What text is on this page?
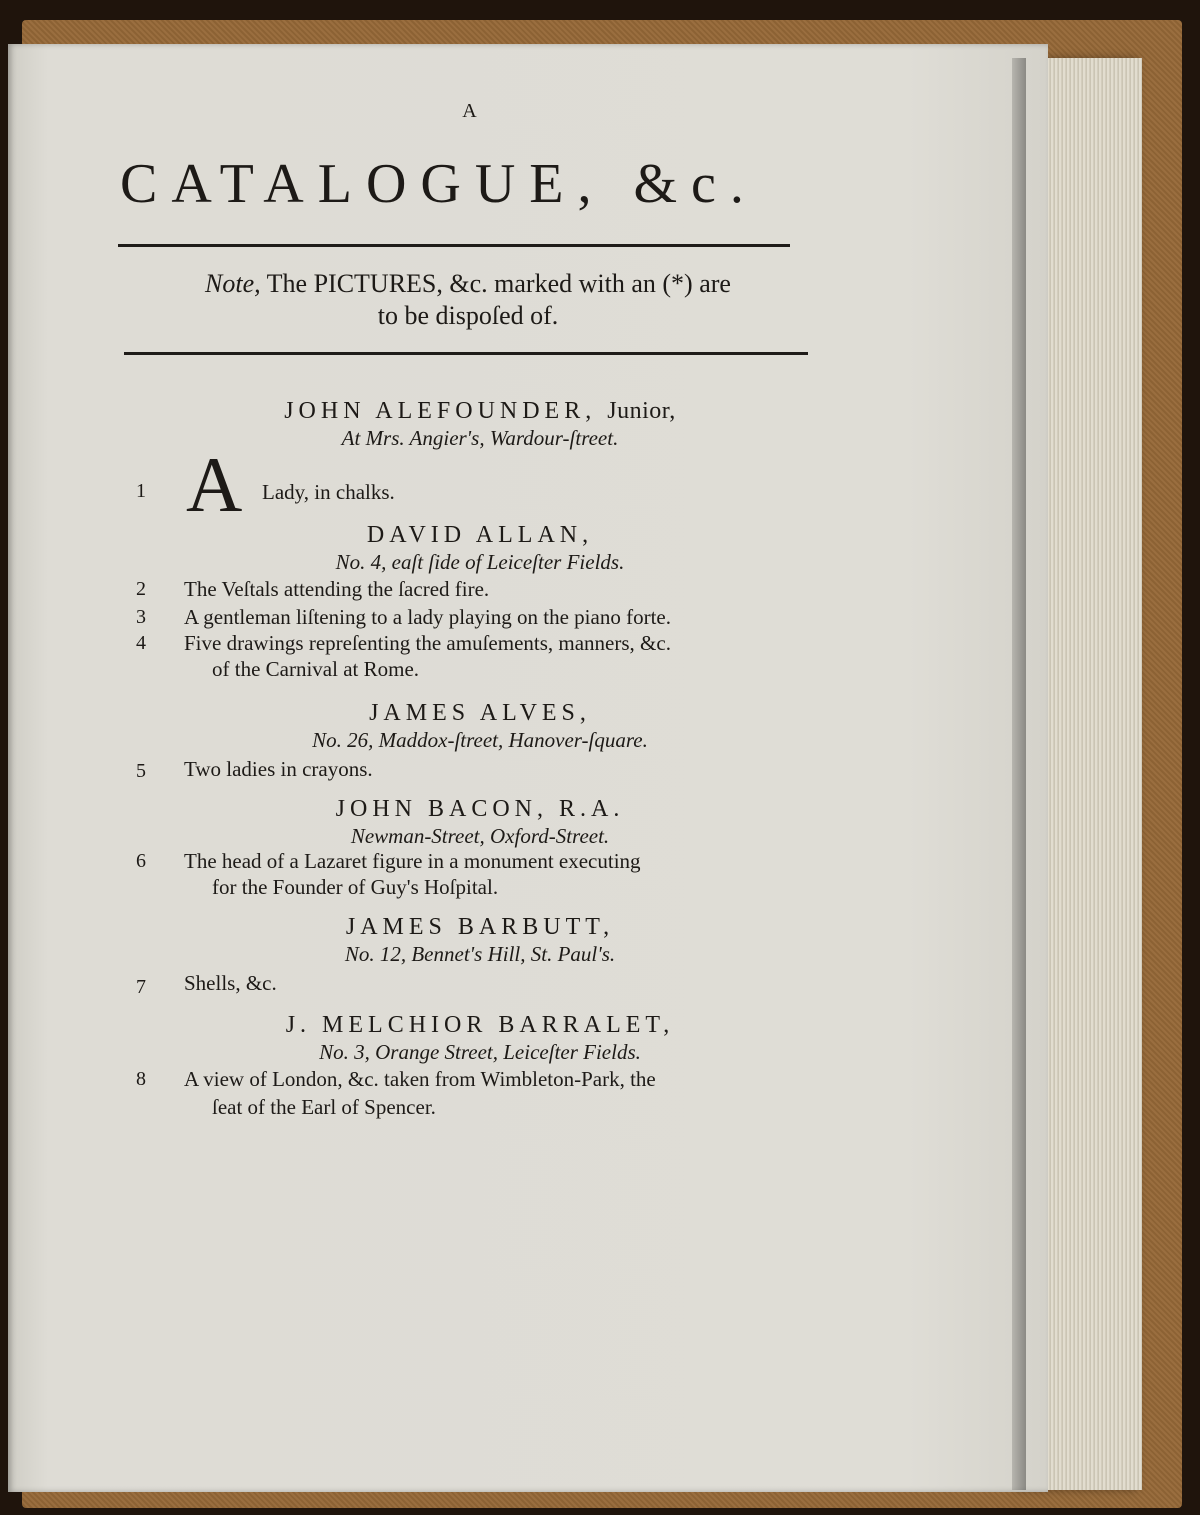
A
CATALOGUE, &c.
Note, The PICTURES, &c. marked with an (*) are
to be dispoſed of.
JOHN ALEFOUNDER, Junior,
At Mrs. Angier's, Wardour-ſtreet.
1 A Lady, in chalks.
DAVID ALLAN,
No. 4, eaſt ſide of Leiceſter Fields.
2	The Veſtals attending the ſacred fire.
3	A gentleman liſtening to a lady playing on the piano forte.
4	Five drawings repreſenting the amuſements, manners, &c.
of the Carnival at Rome.
JAMES ALVES,
No. 26, Maddox-ſtreet, Hanover-ſquare.
5	Two ladies in crayons.
JOHN BACON, R.A.
Newman-Street, Oxford-Street.
6	The head of a Lazaret figure in a monument executing
for the Founder of Guy's Hoſpital.
JAMES BARBUTT,
No. 12, Bennet's Hill, St. Paul's.
7	Shells, &c.
J. MELCHIOR BARRALET,
No. 3, Orange Street, Leiceſter Fields.
8	A view of London, &c. taken from Wimbleton-Park, the
ſeat of the Earl of Spencer.
